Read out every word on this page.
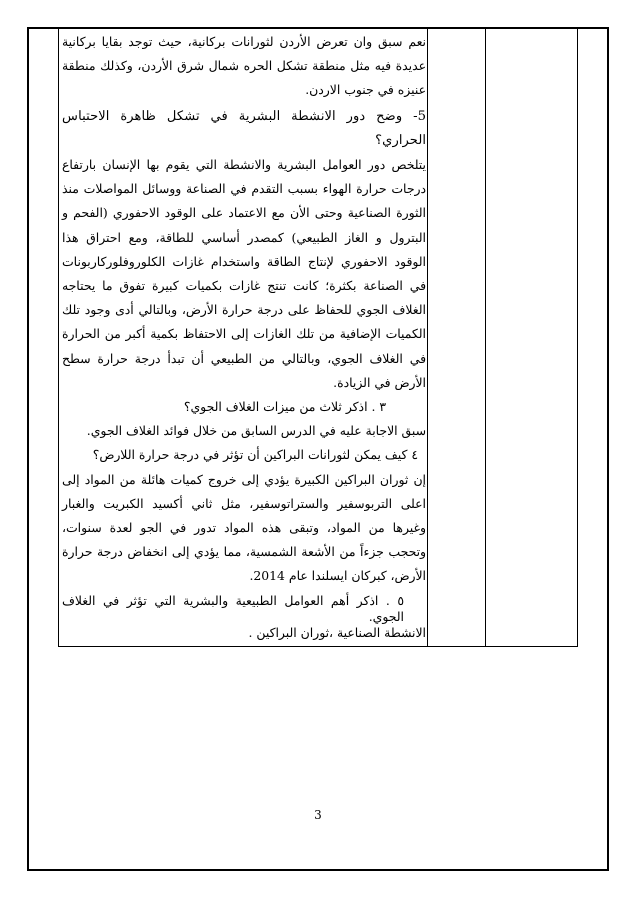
نعم سبق وان تعرض الأردن لثورانات بركانية، حيث توجد بقايا بركانية عديدة فيه مثل منطقة تشكل الحره شمال شرق الأردن، وكذلك منطقة عنيزه في جنوب الاردن.

5- وضح دور الانشطة البشرية في تشكل ظاهرة الاحتباس الحراري؟

يتلخص دور العوامل البشرية والانشطة التي يقوم بها الإنسان بارتفاع درجات حرارة الهواء بسبب التقدم في الصناعة ووسائل المواصلات منذ الثورة الصناعية وحتى الأن مع الاعتماد على الوقود الاحفوري (الفحم و البترول و الغاز الطبيعي) كمصدر أساسي للطاقة، ومع احتراق هذا الوقود الاحفوري لإنتاج الطاقة واستخدام غازات الكلوروفلوركاربونات في الصناعة بكثرة؛ كانت تنتج غازات بكميات كبيرة تفوق ما يحتاجه الغلاف الجوي للحفاظ على درجة حرارة الأرض، وبالتالي أدى وجود تلك الكميات الإضافية من تلك الغازات إلى الاحتفاظ بكمية أكبر من الحرارة في الغلاف الجوي، وبالتالي من الطبيعي أن تبدأ درجة حرارة سطح الأرض في الزيادة.

٣ . اذكر ثلاث من ميزات الغلاف الجوي؟

سبق الاجابة عليه في الدرس السابق من خلال فوائد الغلاف الجوي.

٤ كيف يمكن لثورانات البراكين أن تؤثر في درجة حرارة اللارض؟

إن ثوران البراكين الكبيرة يؤدي إلى خروج كميات هائلة من المواد إلى اعلى التربوسفير والستراتوسفير، مثل ثاني أكسيد الكبريت والغبار وغيرها من المواد، وتبقى هذه المواد تدور في الجو لعدة سنوات، وتحجب جزءاً من الأشعة الشمسية، مما يؤدي إلى انخفاض درجة حرارة الأرض، كبركان ايسلندا عام 2014.

٥ . اذكر أهم العوامل الطبيعية والبشرية التي تؤثر في الغلاف الجوي.

الانشطة الصناعية ،ثوران البراكين .

3
